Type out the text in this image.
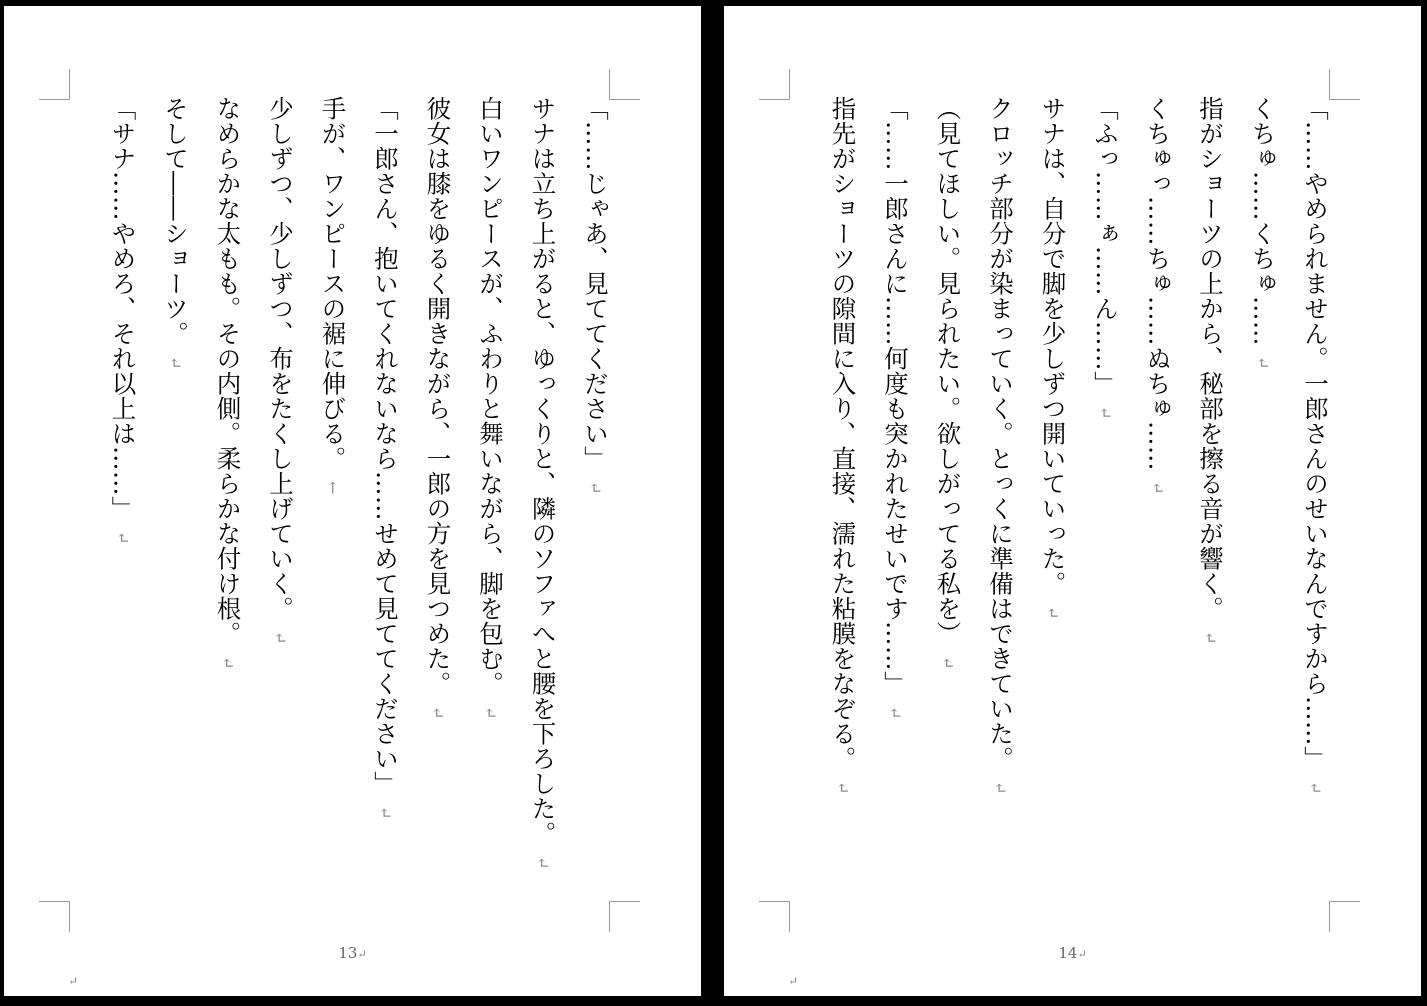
「……じゃあ、見ててください」↵
サナは立ち上がると、ゆっくりと、隣のソファへと腰を下ろした。↵
白いワンピースが、ふわりと舞いながら、脚を包む。↵
彼女は膝をゆるく開きながら、一郎の方を見つめた。↵
「一郎さん、抱いてくれないなら……せめて見ててください」↵
手が、ワンピースの裾に伸びる。←
少しずつ、少しずつ、布をたくし上げていく。↵
なめらかな太もも。その内側。柔らかな付け根。↵
そして――ショーツ。↵
「サナ……やめろ、それ以上は……」↵
13↵
↵
「……やめられません。一郎さんのせいなんですから……」↵
くちゅ……くちゅ……↵
指がショーツの上から、秘部を擦る音が響く。↵
くちゅっ……ちゅ……ぬちゅ……↵
「ふっ……ぁ……ん……」↵
サナは、自分で脚を少しずつ開いていった。↵
クロッチ部分が染まっていく。とっくに準備はできていた。↵
（見てほしい。見られたい。欲しがってる私を）↵
「……一郎さんに……何度も突かれたせいです……」↵
指先がショーツの隙間に入り、直接、濡れた粘膜をなぞる。↵
14↵
↵
